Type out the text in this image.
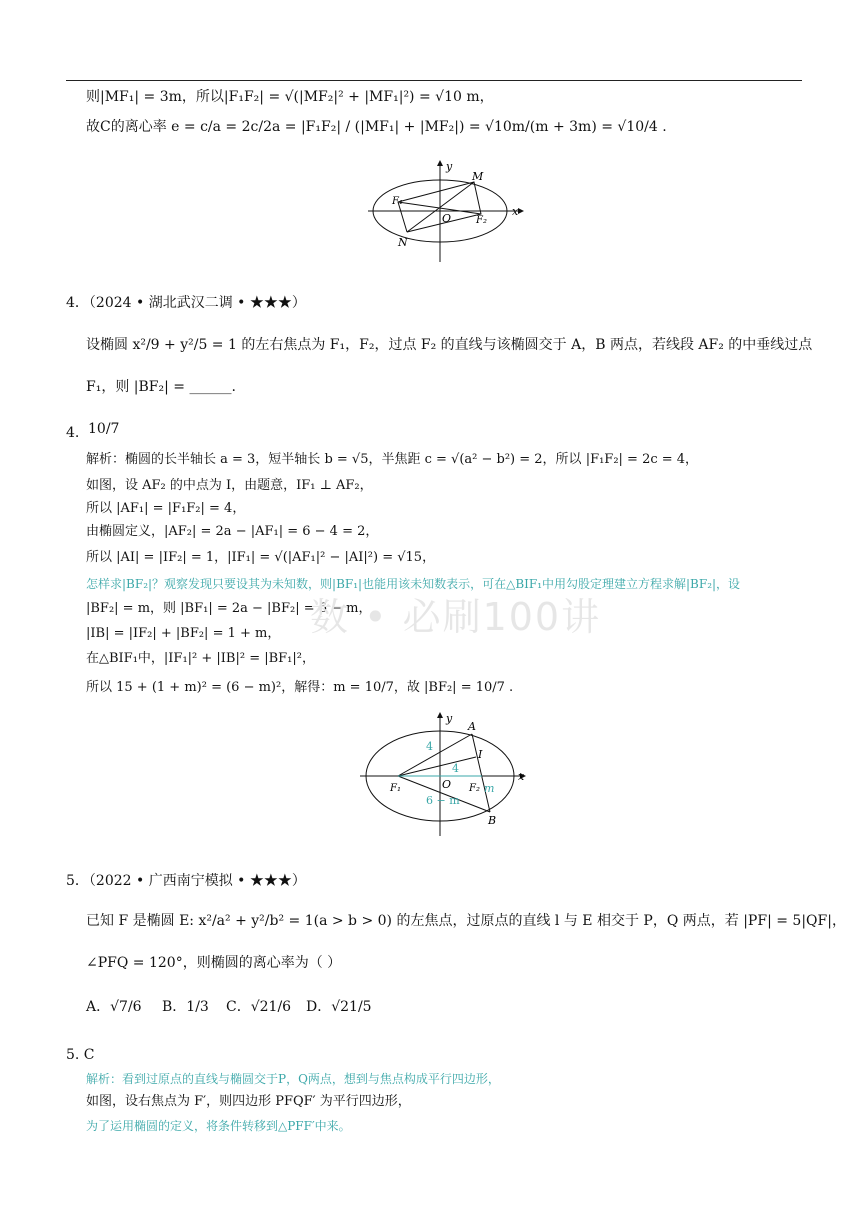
则|MF₁| = 3m，所以|F₁F₂| = √(|MF₂|² + |MF₁|²) = √10 m，
故C的离心率 e = c/a = 2c/2a = |F₁F₂| / (|MF₁| + |MF₂|) = √10m/(m + 3m) = √10/4 .
y
x
M
F₁
O F₂
N
4．（2024 • 湖北武汉二调 • ★★★）
设椭圆 x²/9 + y²/5 = 1 的左右焦点为 F₁，F₂，过点 F₂ 的直线与该椭圆交于 A，B 两点，若线段 AF₂ 的中垂线过点
F₁，则 |BF₂| = ______.
4. 10/7
解析：椭圆的长半轴长 a = 3，短半轴长 b = √5，半焦距 c = √(a² − b²) = 2，所以 |F₁F₂| = 2c = 4，
如图，设 AF₂ 的中点为 I，由题意，IF₁ ⊥ AF₂，
所以 |AF₁| = |F₁F₂| = 4，
由椭圆定义，|AF₂| = 2a − |AF₁| = 6 − 4 = 2，
所以 |AI| = |IF₂| = 1，|IF₁| = √(|AF₁|² − |AI|²) = √15，
怎样求|BF₂|？观察发现只要设其为未知数，则|BF₁|也能用该未知数表示，可在△BIF₁中用勾股定理建立方程求解|BF₂|，设
|BF₂| = m，则 |BF₁| = 2a − |BF₂| = 6 − m，
|IB| = |IF₂| + |BF₂| = 1 + m，
在△BIF₁中，|IF₁|² + |IB|² = |BF₁|²，
所以 15 + (1 + m)² = (6 − m)²，解得：m = 10/7，故 |BF₂| = 10/7 .
数 • 必刷100讲
y
x
A
I
F₁	O F₂
B
4
4
m
6 − m
5．（2022 • 广西南宁模拟 • ★★★）
已知 F 是椭圆 E: x²/a² + y²/b² = 1(a > b > 0) 的左焦点，过原点的直线 l 与 E 相交于 P，Q 两点，若 |PF| = 5|QF|，
∠PFQ = 120°，则椭圆的离心率为（ ）
A．√7/6 B．1/3 C．√21/6 D．√21/5
5. C
解析：看到过原点的直线与椭圆交于P，Q两点，想到与焦点构成平行四边形，
如图，设右焦点为 F′，则四边形 PFQF′ 为平行四边形，
为了运用椭圆的定义，将条件转移到△PFF′中来。
